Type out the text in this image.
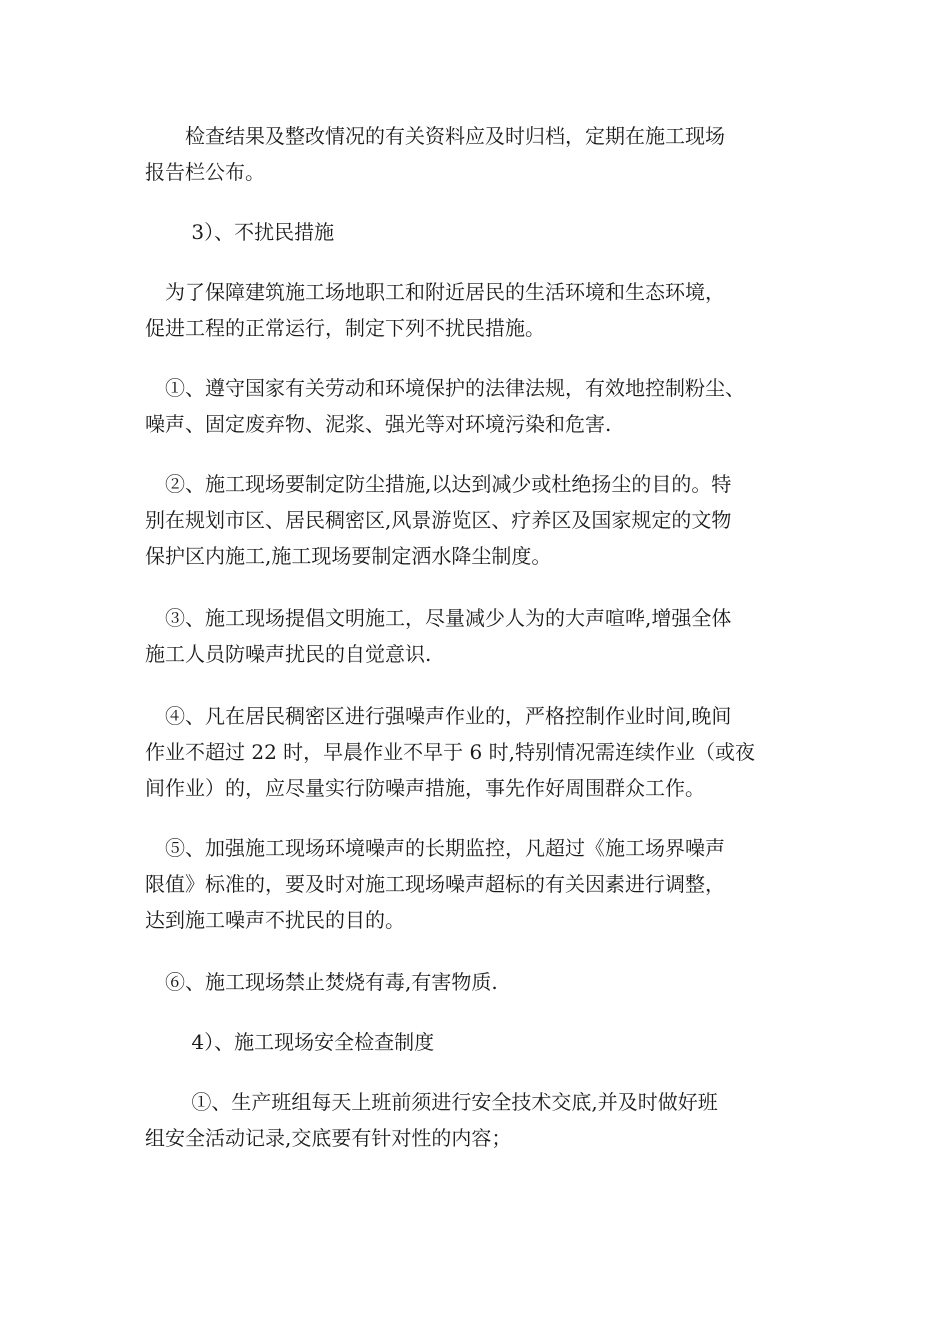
　　检查结果及整改情况的有关资料应及时归档，定期在施工现场
报告栏公布。

　　 3）、不扰民措施

　为了保障建筑施工场地职工和附近居民的生活环境和生态环境，
促进工程的正常运行，制定下列不扰民措施。

　①、遵守国家有关劳动和环境保护的法律法规，有效地控制粉尘、
噪声、固定废弃物、泥浆、强光等对环境污染和危害.

　②、施工现场要制定防尘措施,以达到减少或杜绝扬尘的目的。特
别在规划市区、居民稠密区,风景游览区、疗养区及国家规定的文物
保护区内施工,施工现场要制定洒水降尘制度。

　③、施工现场提倡文明施工，尽量减少人为的大声喧哗,增强全体
施工人员防噪声扰民的自觉意识.

　④、凡在居民稠密区进行强噪声作业的，严格控制作业时间,晚间
作业不超过 22 时，早晨作业不早于 6 时,特别情况需连续作业（或夜
间作业）的，应尽量实行防噪声措施，事先作好周围群众工作。

　⑤、加强施工现场环境噪声的长期监控，凡超过《施工场界噪声
限值》标准的，要及时对施工现场噪声超标的有关因素进行调整，
达到施工噪声不扰民的目的。

　⑥、施工现场禁止焚烧有毒,有害物质.

　　 4）、施工现场安全检查制度

　　 ①、生产班组每天上班前须进行安全技术交底,并及时做好班
组安全活动记录,交底要有针对性的内容；
